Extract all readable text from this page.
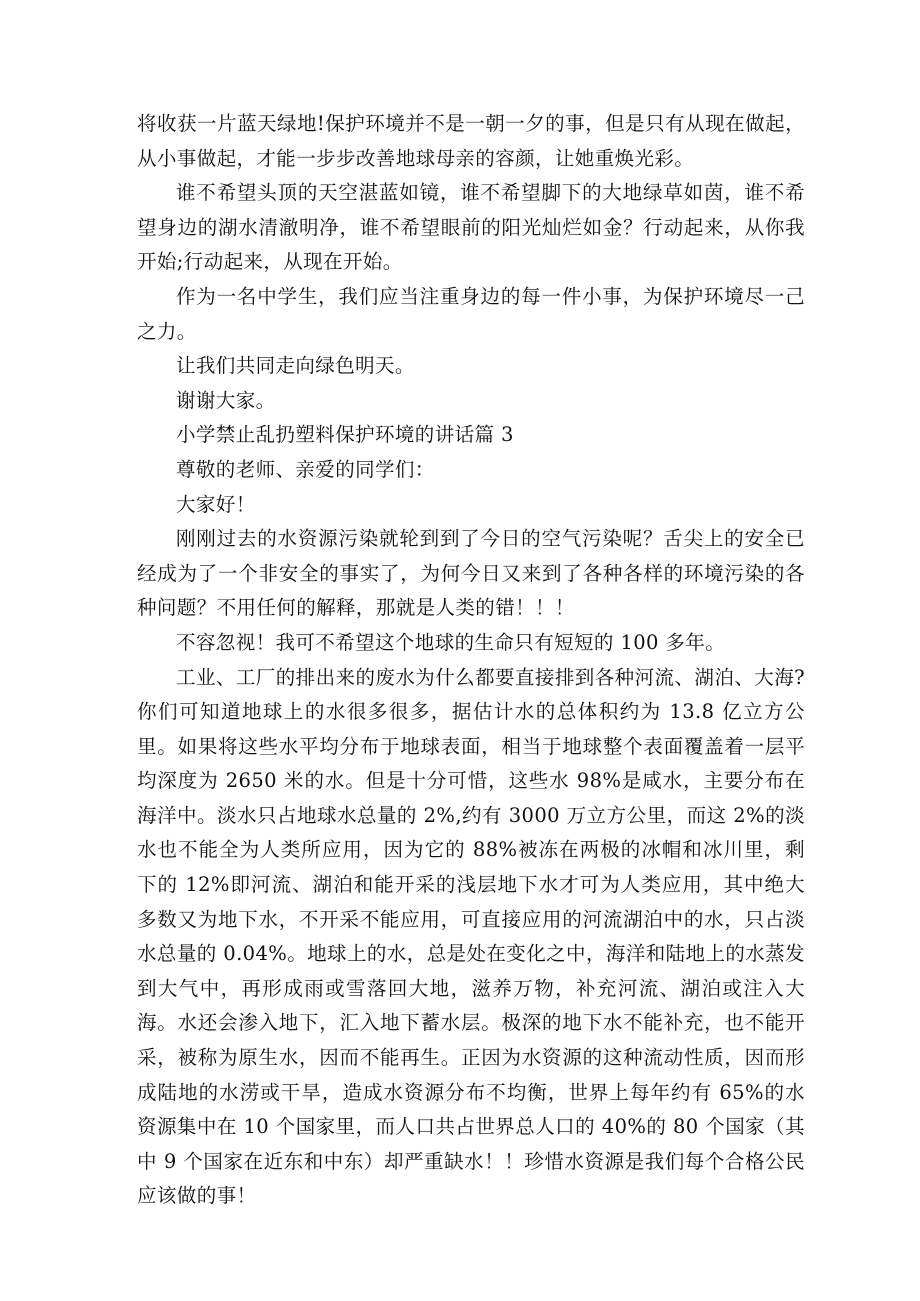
将收获一片蓝天绿地!保护环境并不是一朝一夕的事，但是只有从现在做起，从小事做起，才能一步步改善地球母亲的容颜，让她重焕光彩。

谁不希望头顶的天空湛蓝如镜，谁不希望脚下的大地绿草如茵，谁不希望身边的湖水清澈明净，谁不希望眼前的阳光灿烂如金？行动起来，从你我开始;行动起来，从现在开始。

作为一名中学生，我们应当注重身边的每一件小事，为保护环境尽一己之力。

让我们共同走向绿色明天。

谢谢大家。

小学禁止乱扔塑料保护环境的讲话篇 3

尊敬的老师、亲爱的同学们：

大家好！

刚刚过去的水资源污染就轮到到了今日的空气污染呢？舌尖上的安全已经成为了一个非安全的事实了，为何今日又来到了各种各样的环境污染的各种问题？不用任何的解释，那就是人类的错！！！

不容忽视！我可不希望这个地球的生命只有短短的 100 多年。

工业、工厂的排出来的废水为什么都要直接排到各种河流、湖泊、大海?你们可知道地球上的水很多很多，据估计水的总体积约为 13.8 亿立方公里。如果将这些水平均分布于地球表面，相当于地球整个表面覆盖着一层平均深度为 2650 米的水。但是十分可惜，这些水 98%是咸水，主要分布在海洋中。淡水只占地球水总量的 2%,约有 3000 万立方公里，而这 2%的淡水也不能全为人类所应用，因为它的 88%被冻在两极的冰帽和冰川里，剩下的 12%即河流、湖泊和能开采的浅层地下水才可为人类应用，其中绝大多数又为地下水，不开采不能应用，可直接应用的河流湖泊中的水，只占淡水总量的 0.04%。地球上的水，总是处在变化之中，海洋和陆地上的水蒸发到大气中，再形成雨或雪落回大地，滋养万物，补充河流、湖泊或注入大海。水还会渗入地下，汇入地下蓄水层。极深的地下水不能补充，也不能开采，被称为原生水，因而不能再生。正因为水资源的这种流动性质，因而形成陆地的水涝或干旱，造成水资源分布不均衡，世界上每年约有 65%的水资源集中在 10 个国家里，而人口共占世界总人口的 40%的 80 个国家（其中 9 个国家在近东和中东）却严重缺水！！珍惜水资源是我们每个合格公民应该做的事！
